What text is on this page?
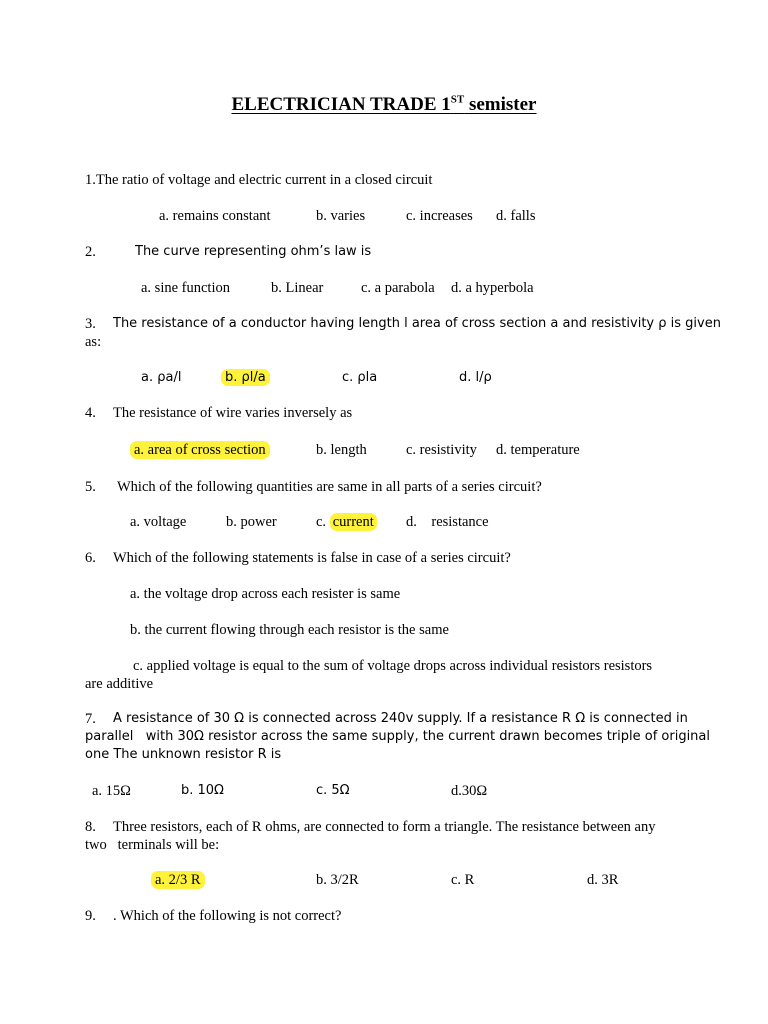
ELECTRICIAN TRADE 1ST semister
1.The ratio of voltage and electric current in a closed circuit
a. remains constant	b. varies	c. increases d. falls
2.	The curve representing ohm’s law is
a. sine function	b. Linear	c. a parabola d. a hyperbola
3. The resistance of a conductor having length l area of cross section a and resistivity ρ is given
as:
a. ρa/l	b. ρl/a	c. ρla	d. l/ρ
4. The resistance of wire varies inversely as
a. area of cross section	b. length	c. resistivity d. temperature
5. Which of the following quantities are same in all parts of a series circuit?
a. voltage	b. power	c. current d.    resistance
6. Which of the following statements is false in case of a series circuit?
a. the voltage drop across each resister is same
b. the current flowing through each resistor is the same
c. applied voltage is equal to the sum of voltage drops across individual resistors resistors
are additive
7. A resistance of 30 Ω is connected across 240v supply. If a resistance R Ω is connected in
parallel   with 30Ω resistor across the same supply, the current drawn becomes triple of original
one The unknown resistor R is
a. 15Ω	b. 10Ω	c. 5Ω	d.30Ω
8. Three resistors, each of R ohms, are connected to form a triangle. The resistance between any
two   terminals will be:
a. 2/3 R	b. 3/2R	c. R	d. 3R
9. . Which of the following is not correct?
